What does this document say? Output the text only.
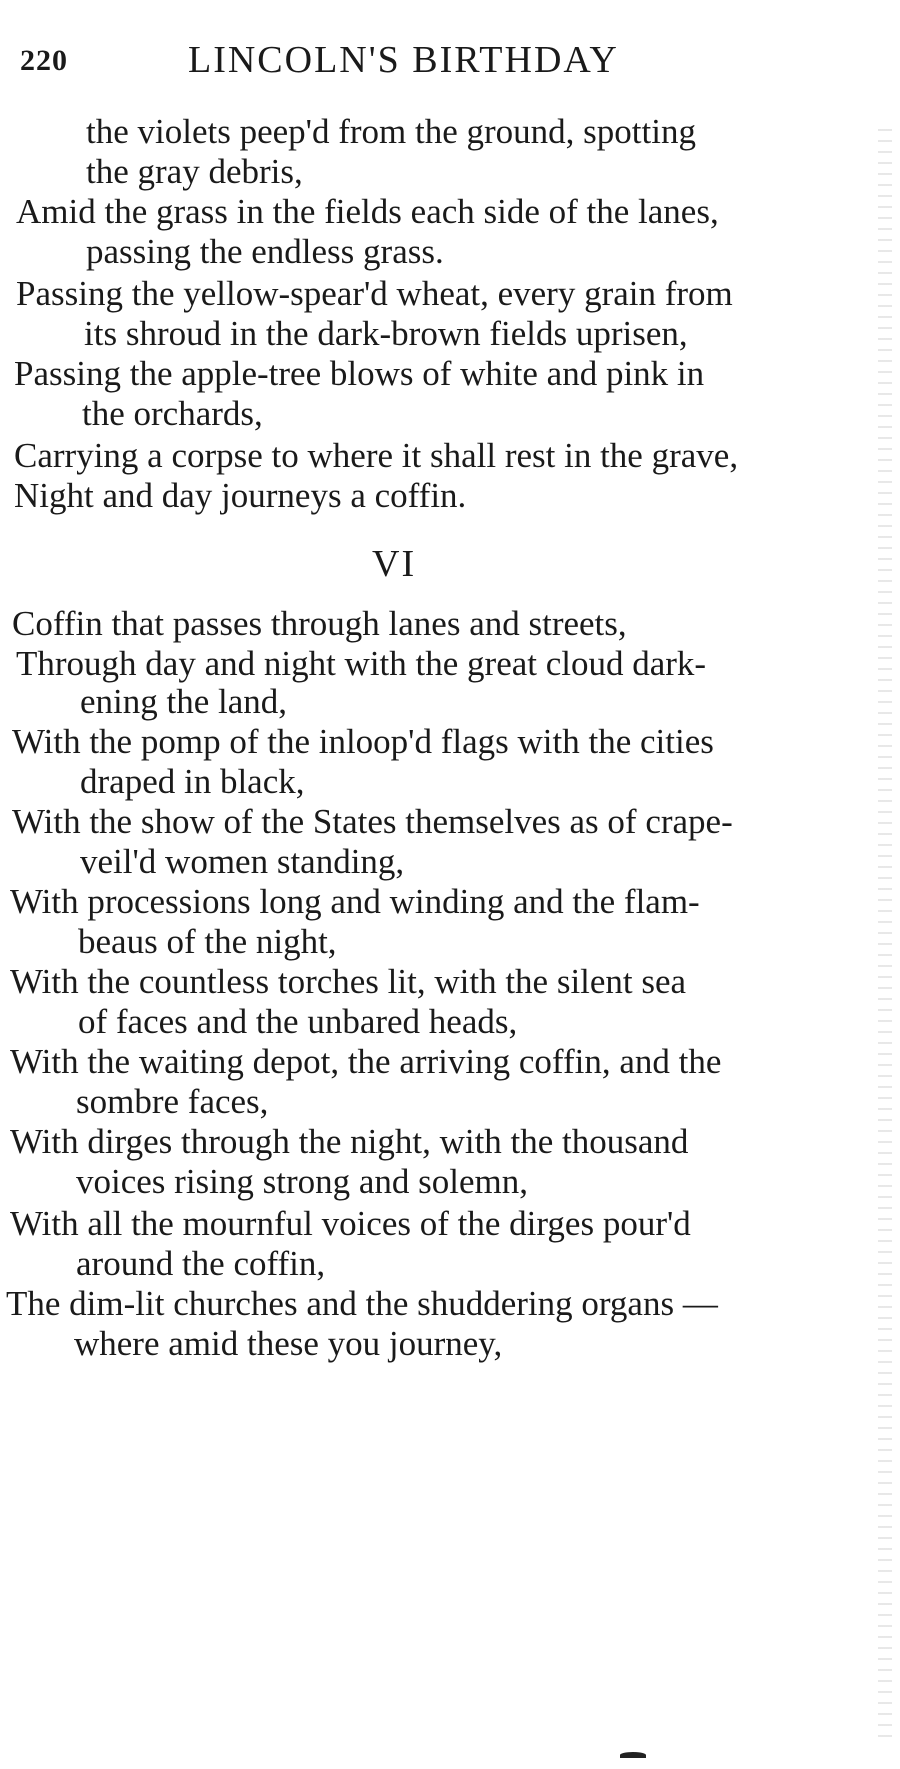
220	LINCOLN'S BIRTHDAY
the violets peep'd from the ground, spotting
the gray debris,
Amid the grass in the fields each side of the lanes,
passing the endless grass.
Passing the yellow-spear'd wheat, every grain from
its shroud in the dark-brown fields uprisen,
Passing the apple-tree blows of white and pink in
the orchards,
Carrying a corpse to where it shall rest in the grave,
Night and day journeys a coffin.
VI
Coffin that passes through lanes and streets,
Through day and night with the great cloud dark-
ening the land,
With the pomp of the inloop'd flags with the cities
draped in black,
With the show of the States themselves as of crape-
veil'd women standing,
With processions long and winding and the flam-
beaus of the night,
With the countless torches lit, with the silent sea
of faces and the unbared heads,
With the waiting depot, the arriving coffin, and the
sombre faces,
With dirges through the night, with the thousand
voices rising strong and solemn,
With all the mournful voices of the dirges pour'd
around the coffin,
The dim-lit churches and the shuddering organs —
where amid these you journey,
